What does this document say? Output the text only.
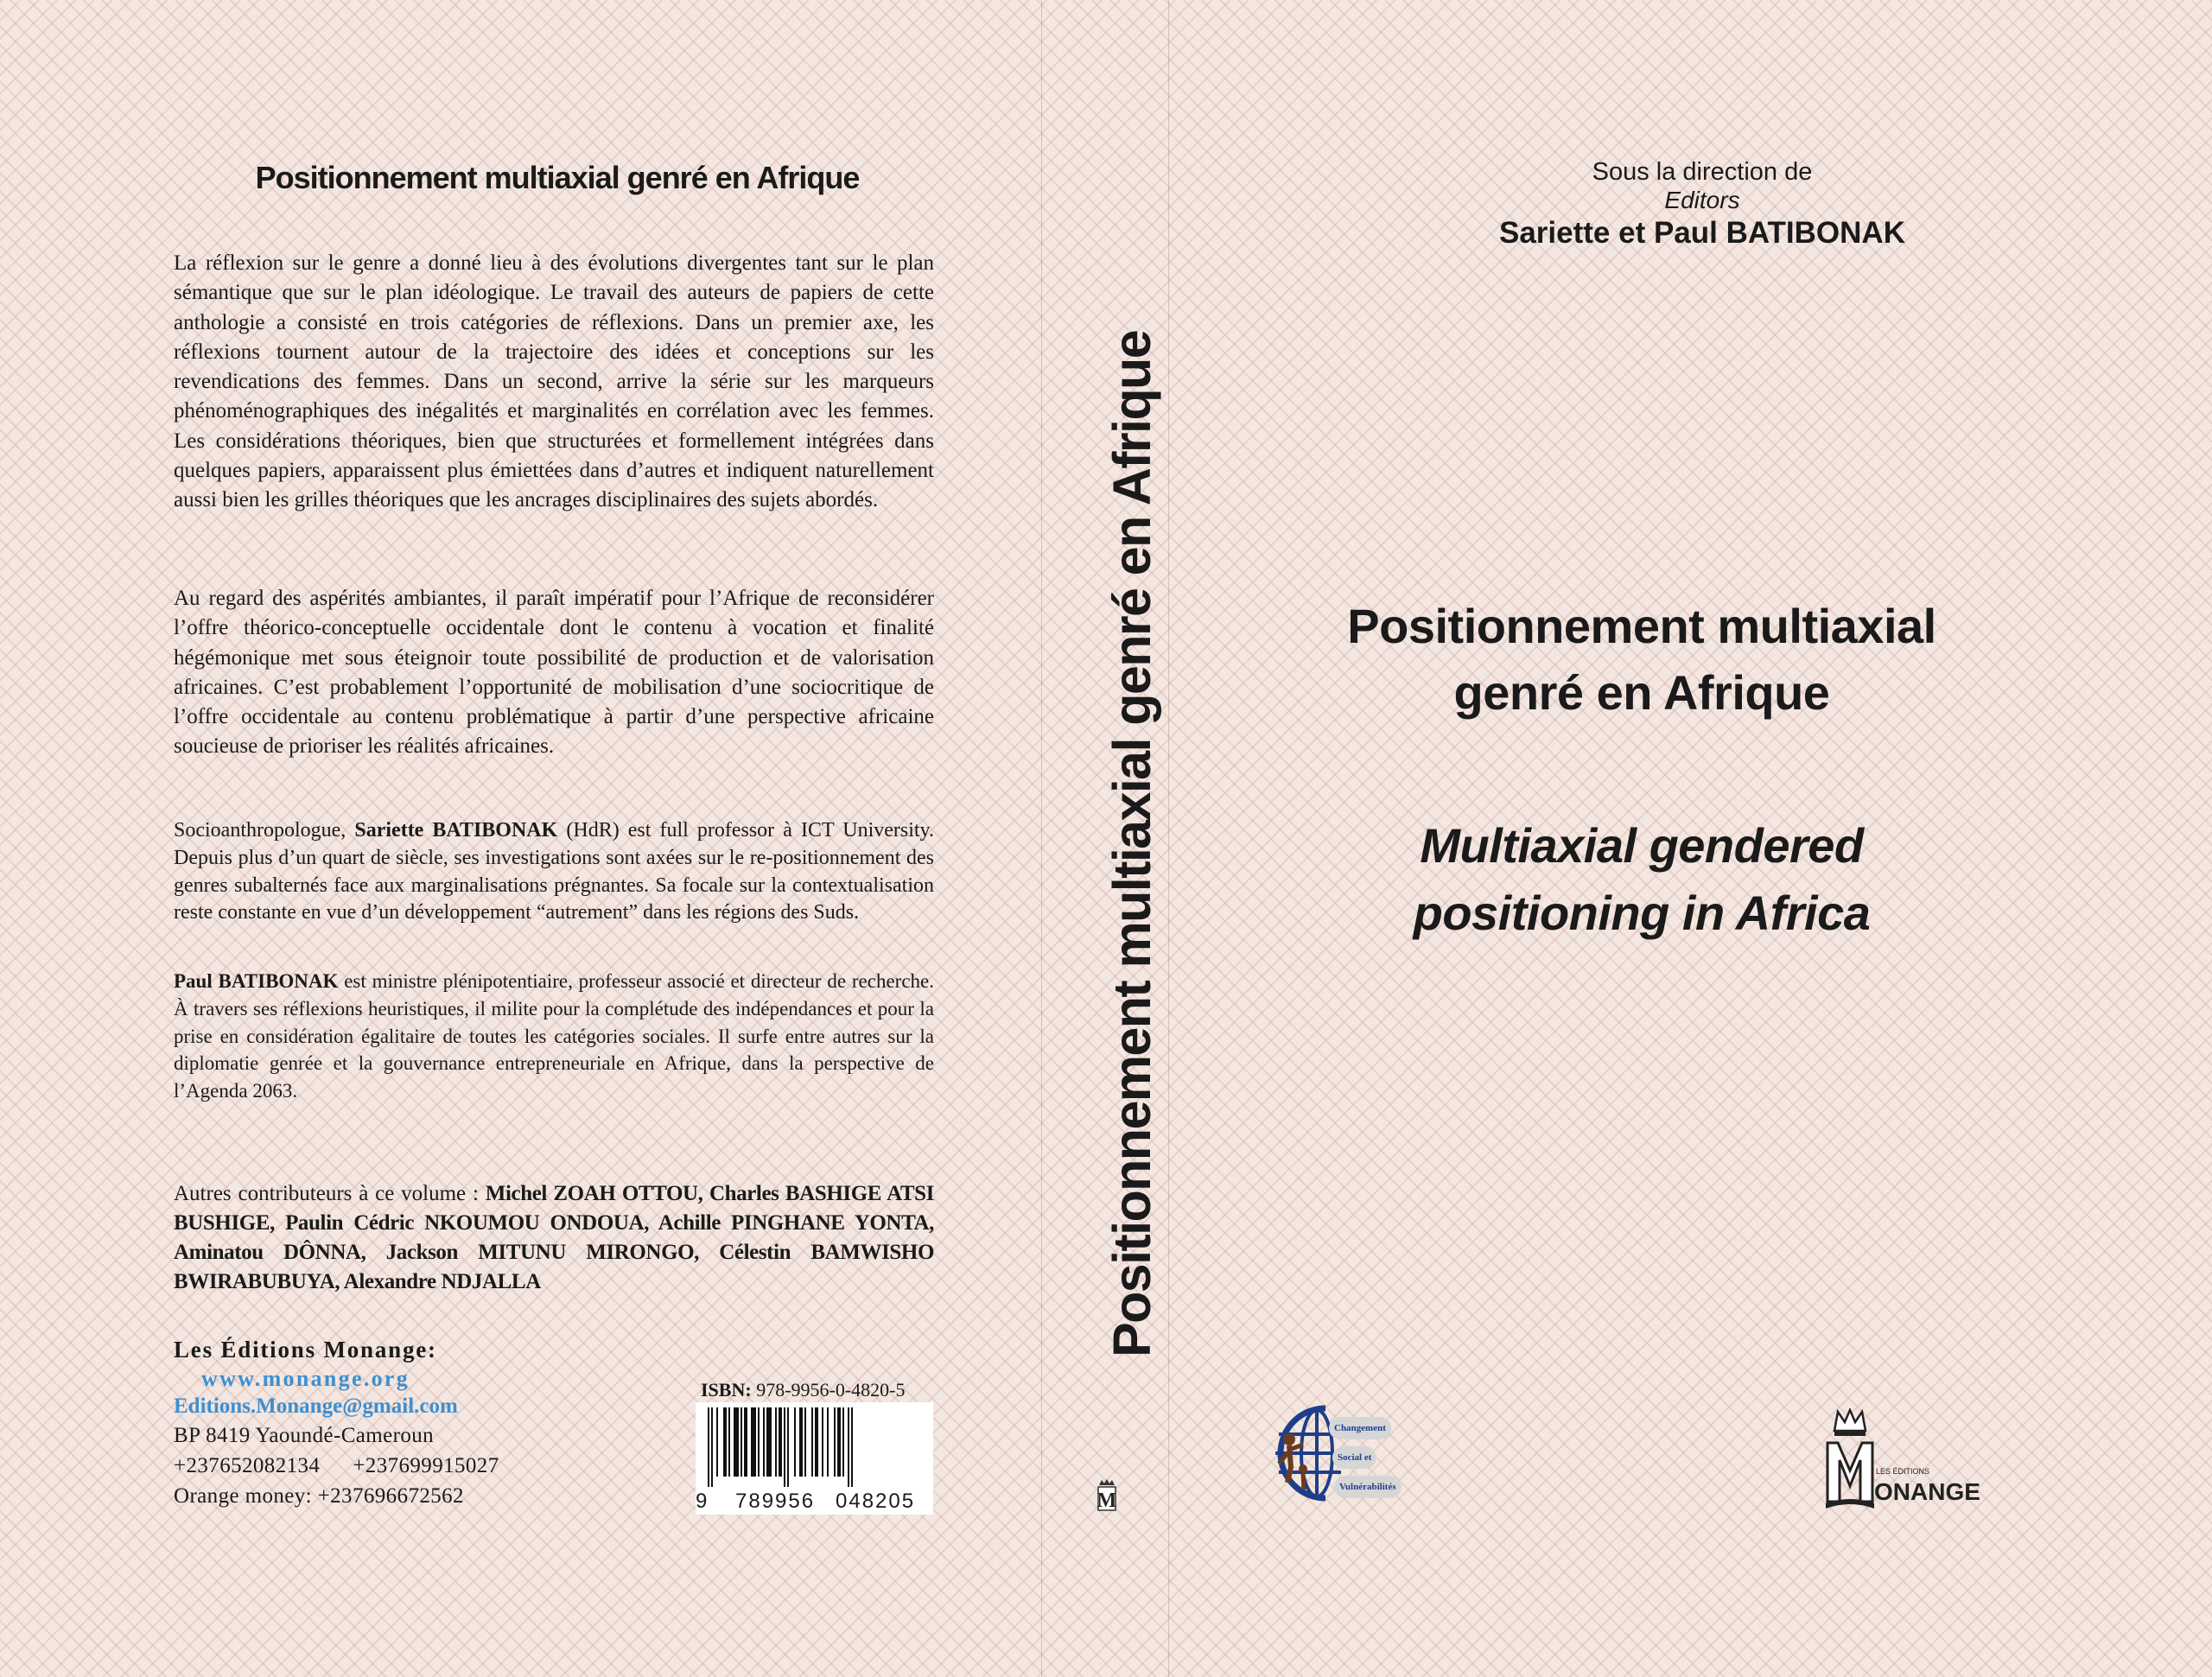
Positionnement multiaxial genré en Afrique

La réflexion sur le genre a donné lieu à des évolutions divergentes tant sur le plan sémantique que sur le plan idéologique. Le travail des auteurs de papiers de cette anthologie a consisté en trois catégories de réflexions. Dans un premier axe, les réflexions tournent autour de la trajectoire des idées et conceptions sur les revendications des femmes. Dans un second, arrive la série sur les marqueurs phénoménographiques des inégalités et marginalités en corrélation avec les femmes. Les considérations théoriques, bien que structurées et formellement intégrées dans quelques papiers, apparaissent plus émiettées dans d’autres et indiquent naturellement aussi bien les grilles théoriques que les ancrages disciplinaires des sujets abordés.

Au regard des aspérités ambiantes, il paraît impératif pour l’Afrique de reconsidérer l’offre théorico-conceptuelle occidentale dont le contenu à vocation et finalité hégémonique met sous éteignoir toute possibilité de production et de valorisation africaines. C’est probablement l’opportunité de mobilisation d’une sociocritique de l’offre occidentale au contenu problématique à partir d’une perspective africaine soucieuse de prioriser les réalités africaines.

Socioanthropologue, Sariette BATIBONAK (HdR) est full professor à ICT University. Depuis plus d’un quart de siècle, ses investigations sont axées sur le re-positionnement des genres subalternés face aux marginalisations prégnantes. Sa focale sur la contextualisation reste constante en vue d’un développement “autrement” dans les régions des Suds.

Paul BATIBONAK est ministre plénipotentiaire, professeur associé et directeur de recherche. À travers ses réflexions heuristiques, il milite pour la complétude des indépendances et pour la prise en considération égalitaire de toutes les catégories sociales. Il surfe entre autres sur la diplomatie genrée et la gouvernance entrepreneuriale en Afrique, dans la perspective de l’Agenda 2063.

Autres contributeurs à ce volume : Michel ZOAH OTTOU, Charles BASHIGE ATSI BUSHIGE, Paulin Cédric NKOUMOU ONDOUA, Achille PINGHANE YONTA, Aminatou DÔNNA, Jackson MITUNU MIRONGO, Célestin BAMWISHO BWIRABUBUYA, Alexandre NDJALLA

Les Éditions Monange:
www.monange.org
Editions.Monange@gmail.com
BP 8419 Yaoundé-Cameroun
+237652082134 +237699915027
Orange money: +237696672562
ISBN: 978-9956-0-4820-5
9 789956 048205
Positionnement multiaxial genré en Afrique
M
Sous la direction de
Editors
Sariette et Paul BATIBONAK
Positionnement multiaxial
genré en Afrique
Multiaxial gendered
positioning in Africa
Changement
Social et
Vulnérabilités
LES ÉDITIONS
ONANGE
